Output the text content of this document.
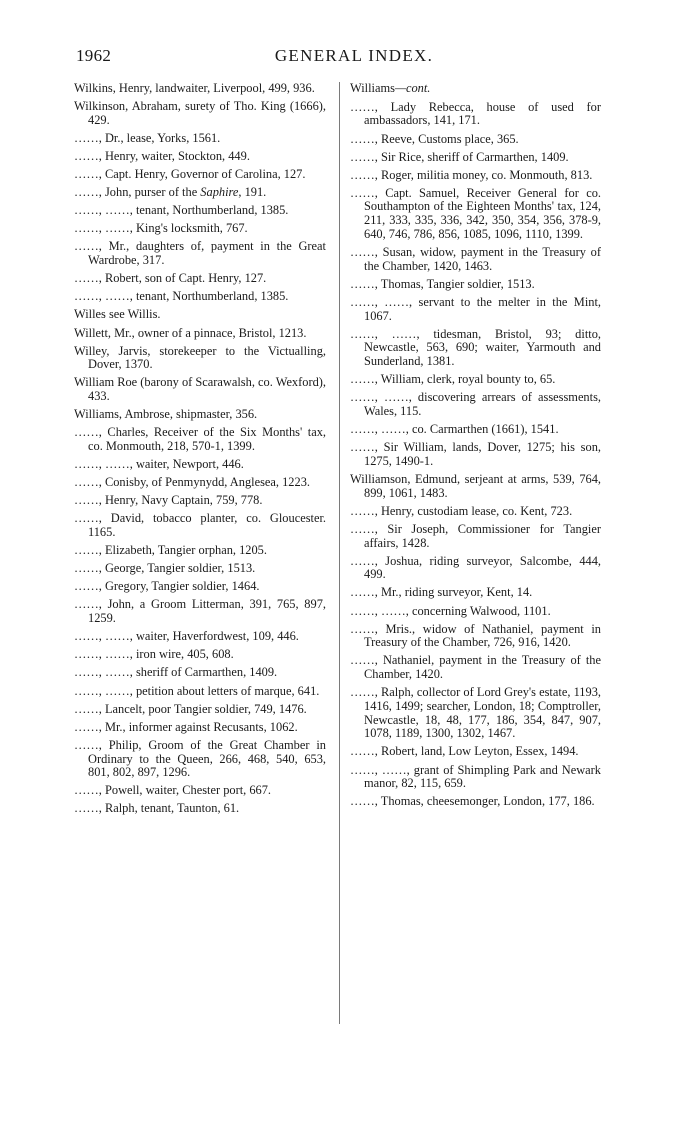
1962	GENERAL INDEX.
Wilkins, Henry, landwaiter, Liverpool, 499, 936.
Wilkinson, Abraham, surety of Tho. King (1666), 429.
……, Dr., lease, Yorks, 1561.
……, Henry, waiter, Stockton, 449.
……, Capt. Henry, Governor of Carolina, 127.
……, John, purser of the Saphire, 191.
……, ……, tenant, Northumberland, 1385.
……, ……, King's locksmith, 767.
……, Mr., daughters of, payment in the Great Wardrobe, 317.
……, Robert, son of Capt. Henry, 127.
……, ……, tenant, Northumberland, 1385.
Willes see Willis.
Willett, Mr., owner of a pinnace, Bristol, 1213.
Willey, Jarvis, storekeeper to the Victualling, Dover, 1370.
William Roe (barony of Scarawalsh, co. Wexford), 433.
Williams, Ambrose, shipmaster, 356.
……, Charles, Receiver of the Six Months' tax, co. Monmouth, 218, 570-1, 1399.
……, ……, waiter, Newport, 446.
……, Conisby, of Penmynydd, Anglesea, 1223.
……, Henry, Navy Captain, 759, 778.
……, David, tobacco planter, co. Gloucester. 1165.
……, Elizabeth, Tangier orphan, 1205.
……, George, Tangier soldier, 1513.
……, Gregory, Tangier soldier, 1464.
……, John, a Groom Litterman, 391, 765, 897, 1259.
……, ……, waiter, Haverfordwest, 109, 446.
……, ……, iron wire, 405, 608.
……, ……, sheriff of Carmarthen, 1409.
……, ……, petition about letters of marque, 641.
……, Lancelt, poor Tangier soldier, 749, 1476.
……, Mr., informer against Recusants, 1062.
……, Philip, Groom of the Great Chamber in Ordinary to the Queen, 266, 468, 540, 653, 801, 802, 897, 1296.
……, Powell, waiter, Chester port, 667.
……, Ralph, tenant, Taunton, 61.
Williams—cont.
……, Lady Rebecca, house of used for ambassadors, 141, 171.
……, Reeve, Customs place, 365.
……, Sir Rice, sheriff of Carmarthen, 1409.
……, Roger, militia money, co. Monmouth, 813.
……, Capt. Samuel, Receiver General for co. Southampton of the Eighteen Months' tax, 124, 211, 333, 335, 336, 342, 350, 354, 356, 378-9, 640, 746, 786, 856, 1085, 1096, 1110, 1399.
……, Susan, widow, payment in the Treasury of the Chamber, 1420, 1463.
……, Thomas, Tangier soldier, 1513.
……, ……, servant to the melter in the Mint, 1067.
……, ……, tidesman, Bristol, 93; ditto, Newcastle, 563, 690; waiter, Yarmouth and Sunderland, 1381.
……, William, clerk, royal bounty to, 65.
……, ……, discovering arrears of assessments, Wales, 115.
……, ……, co. Carmarthen (1661), 1541.
……, Sir William, lands, Dover, 1275; his son, 1275, 1490-1.
Williamson, Edmund, serjeant at arms, 539, 764, 899, 1061, 1483.
……, Henry, custodiam lease, co. Kent, 723.
……, Sir Joseph, Commissioner for Tangier affairs, 1428.
……, Joshua, riding surveyor, Salcombe, 444, 499.
……, Mr., riding surveyor, Kent, 14.
……, ……, concerning Walwood, 1101.
……, Mris., widow of Nathaniel, payment in Treasury of the Chamber, 726, 916, 1420.
……, Nathaniel, payment in the Treasury of the Chamber, 1420.
……, Ralph, collector of Lord Grey's estate, 1193, 1416, 1499; searcher, London, 18; Comptroller, Newcastle, 18, 48, 177, 186, 354, 847, 907, 1078, 1189, 1300, 1302, 1467.
……, Robert, land, Low Leyton, Essex, 1494.
……, ……, grant of Shimpling Park and Newark manor, 82, 115, 659.
……, Thomas, cheesemonger, London, 177, 186.
